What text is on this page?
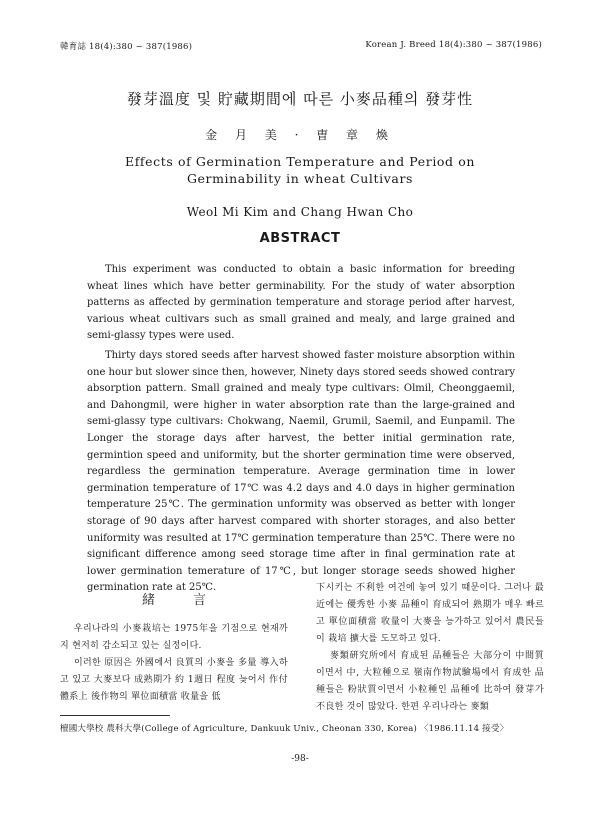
韓育誌 18(4):380 ~ 387(1986)	Korean J. Breed 18(4):380 ~ 387(1986)
發芽溫度 및 貯藏期間에 따른 小麥品種의 發芽性
金 月 美 · 曺 章 煥
Effects of Germination Temperature and Period on Germinability in wheat Cultivars
Weol Mi Kim and Chang Hwan Cho
ABSTRACT

This experiment was conducted to obtain a basic information for breeding wheat lines which have better germinability. For the study of water absorption patterns as affected by germination temperature and storage period after harvest, various wheat cultivars such as small grained and mealy, and large grained and semi-glassy types were used.

Thirty days stored seeds after harvest showed faster moisture absorption within one hour but slower since then, however, Ninety days stored seeds showed contrary absorption pattern. Small grained and mealy type cultivars: Olmil, Cheonggaemil, and Dahongmil, were higher in water absorption rate than the large-grained and semi-glassy type cultivars: Chokwang, Naemil, Grumil, Saemil, and Eunpamil. The Longer the storage days after harvest, the better initial germination rate, germintion speed and uniformity, but the shorter germination time were observed, regardless the germination temperature. Average germination time in lower germination temperature of 17℃ was 4.2 days and 4.0 days in higher germination temperature 25℃. The germination unformity was observed as better with longer storage of 90 days after harvest compared with shorter storages, and also better uniformity was resulted at 17℃ germination temperature than 25℃. There were no significant difference among seed storage time after in final germination rate at lower germination temerature of 17℃, but longer storage seeds showed higher germination rate at 25℃.

緒言

우리나라의 小麥栽培는 1975年을 기점으로 현재까지 현저히 감소되고 있는 실정이다.

이러한 原因은 外國에서 良質의 小麥을 多量 導入하고 있고 大麥보다 成熟期가 約 1週日 程度 늦어서 作付體系上 後作物의 單位面積當 收量을 低

下시키는 不利한 여건에 놓여 있기 때문이다. 그러나 最近에는 優秀한 小麥 品種이 育成되어 熟期가 매우 빠르고 單位面積當 收量이 大麥을 능가하고 있어서 農民들이 栽培 擴大를 도모하고 있다.

麥類硏究所에서 育成된 品種들은 大部分이 中間質이면서 中, 大粒種으로 嶺南作物試驗場에서 育成한 品種들은 粉狀質이면서 小粒種인 品種에 比하여 發芽가 不良한 것이 많았다. 한편 우리나라는 麥類

檀國大學校 農科大學(College of Agriculture, Dankuuk Univ., Cheonan 330, Korea) 〈1986.11.14 接受〉
-98-
